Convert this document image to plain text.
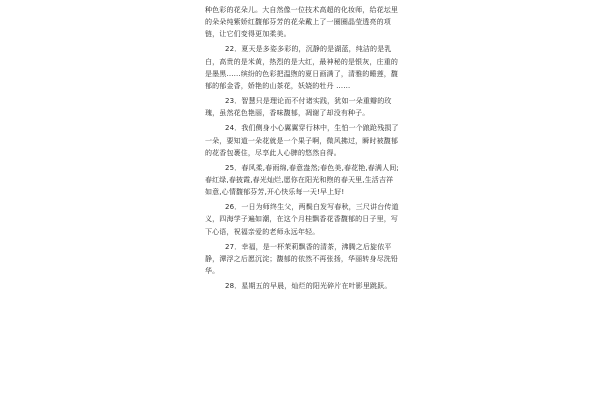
种色彩的花朵儿。大自然像一位技术高超的化妆师，给花坛里的朵朵纯紫娇红馥郁芬芳的花朵戴上了一圈圈晶莹透亮的项链，让它们变得更加柔美。

22．夏天是多姿多彩的，沉静的是湖蓝，纯洁的是乳白，高贵的是米黄，热烈的是大红，最神秘的是银灰，庄重的是墨黑……缤纷的色彩把温煦的夏日画满了，清雅的睡莲，馥郁的郁金香，娇艳的山茶花，妖娆的牡丹 ……

23．智慧只是理论而不付诸实践，犹如一朵重瓣的玫瑰，虽然花色艳丽，香味馥郁，凋谢了却没有种子。

24．我们侧身小心翼翼穿行林中，生怕一个踉跄残损了一朵，要知道一朵花就是一个果子啊，微风拂过，瞬时被馥郁的花香包裹住，尽享此人心脾的悠然自得。

25．春风柔,春雨绵,春意盎然;春色美,春花艳,春满人间;春红绿,春披霞,春光灿烂,愿你在阳光和煦的春天里,生活吉祥如意,心情馥郁芬芳,开心快乐每一天!早上好!

26．一日为师终生父，两鬓白发写春秋，三尺讲台传道义，四海学子遍如潮，在这个月桂飘香花香馥郁的日子里，写下心语，祝福亲爱的老师永远年轻。

27．幸福，是一杯茉莉飘香的清茶，沸腾之后旋依平静，潭浮之后愿沉淀；馥郁的依然不再张扬，华丽转身尽洗铅华。

28．星期五的早晨，灿烂的阳光碎片在叶影里跳跃。
